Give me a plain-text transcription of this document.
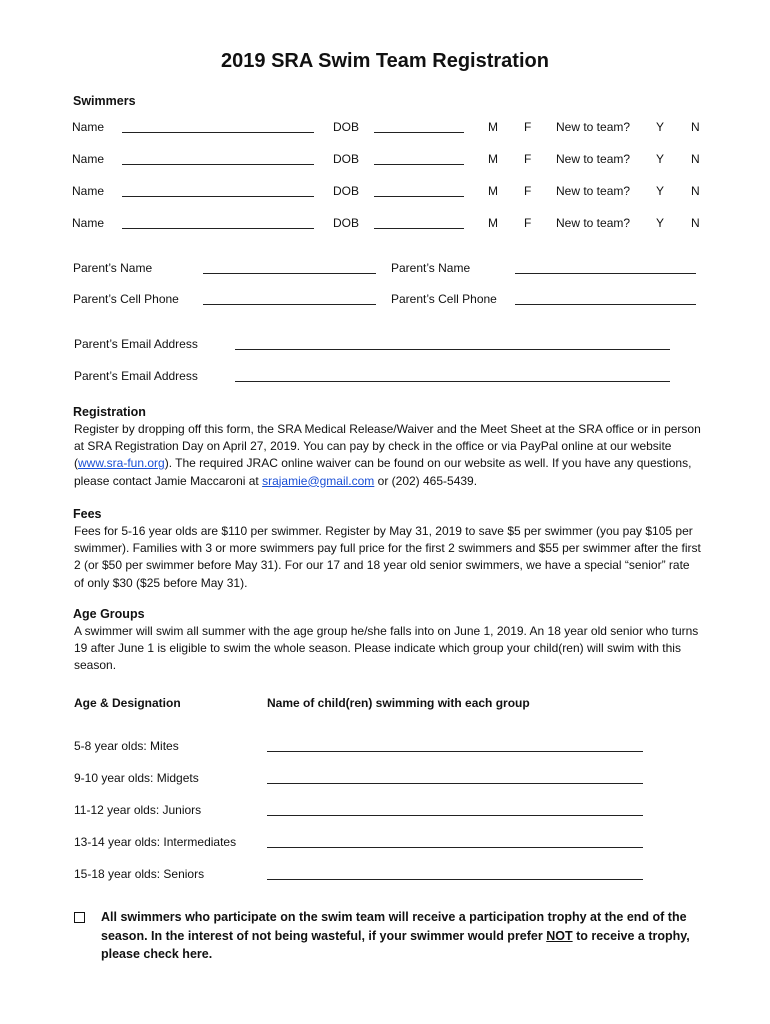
2019 SRA Swim Team Registration
Swimmers
Name	DOB	M F New to team? Y N
Name	DOB	M F New to team? Y N
Name	DOB	M F New to team? Y N
Name	DOB	M F New to team? Y N
Parent’s Name	Parent’s Name
Parent’s Cell Phone	Parent’s Cell Phone
Parent’s Email Address
Parent’s Email Address
Registration
Register by dropping off this form, the SRA Medical Release/Waiver and the Meet Sheet at the SRA office or in person at SRA Registration Day on April 27, 2019. You can pay by check in the office or via PayPal online at our website (www.sra-fun.org). The required JRAC online waiver can be found on our website as well. If you have any questions, please contact Jamie Maccaroni at srajamie@gmail.com or (202) 465-5439.
Fees
Fees for 5-16 year olds are $110 per swimmer. Register by May 31, 2019 to save $5 per swimmer (you pay $105 per swimmer). Families with 3 or more swimmers pay full price for the first 2 swimmers and $55 per swimmer after the first 2 (or $50 per swimmer before May 31). For our 17 and 18 year old senior swimmers, we have a special “senior” rate of only $30 ($25 before May 31).
Age Groups
A swimmer will swim all summer with the age group he/she falls into on June 1, 2019. An 18 year old senior who turns 19 after June 1 is eligible to swim the whole season. Please indicate which group your child(ren) will swim with this season.
Age & Designation	Name of child(ren) swimming with each group
5-8 year olds: Mites
9-10 year olds: Midgets
11-12 year olds: Juniors
13-14 year olds: Intermediates
15-18 year olds: Seniors
All swimmers who participate on the swim team will receive a participation trophy at the end of the season. In the interest of not being wasteful, if your swimmer would prefer NOT to receive a trophy, please check here.
